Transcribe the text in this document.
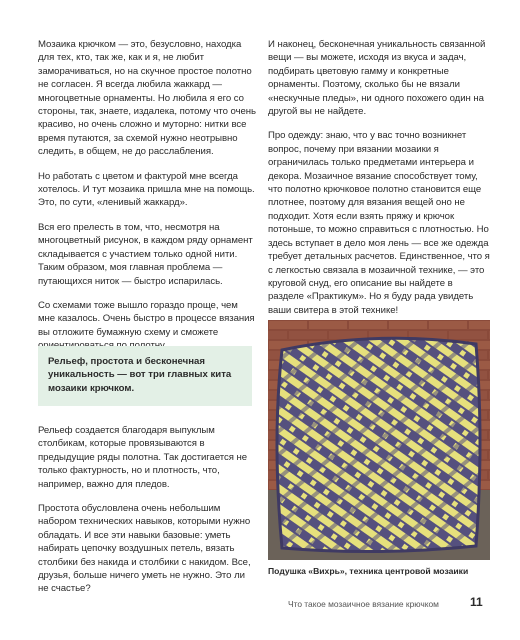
Мозаика крючком — это, безусловно, находка для тех, кто, так же, как и я, не любит заморачиваться, но на скучное простое полотно не согласен. Я всегда любила жаккард — многоцветные орнаменты. Но любила я его со стороны, так, знаете, издалека, потому что очень красиво, но очень сложно и муторно: нитки все время путаются, за схемой нужно неотрывно следить, в общем, не до расслабления.

Но работать с цветом и фактурой мне всегда хотелось. И тут мозаика пришла мне на помощь. Это, по сути, «ленивый жаккард».

Вся его прелесть в том, что, несмотря на многоцветный рисунок, в каждом ряду орнамент складывается с участием только одной нити. Таким образом, моя главная проблема — путающихся ниток — быстро испарилась.

Со схемами тоже вышло гораздо проще, чем мне казалось. Очень быстро в процессе вязания вы отложите бумажную схему и сможете

Рельеф, простота и бесконечная уникальность — вот три главных кита мозаики крючком.

Рельеф создается благодаря выпуклым столбикам, которые провязываются в предыдущие ряды полотна. Так достигается не только фактурность, но и плотность, что, например, важно для пледов.

Простота обусловлена очень небольшим набором технических навыков, которыми нужно обладать. И все эти навыки базовые: уметь набирать цепочку воздушных петель, вязать столбики без накида и столбики с накидом. Все, друзья, больше ничего уметь не нужно. Это ли не счастье?

И наконец, бесконечная уникальность связанной вещи — вы можете, исходя из вкуса и задач, подбирать цветовую гамму и конкретные орнаменты. Поэтому, сколько бы не вязали «нескучные пледы», ни одного похожего один на другой вы не найдете.

Про одежду: знаю, что у вас точно возникнет вопрос, почему при вязании мозаики я ограничилась только предметами интерьера и декора. Мозаичное вязание способствует тому, что полотно крючковое полотно становится еще плотнее, поэтому для вязания вещей оно не подходит. Хотя если взять пряжу и крючок потоньше, то можно справиться с плотностью. Но здесь вступает в дело моя лень — все же одежда требует детальных расчетов. Единственное, что я с легкостью связала в мозаичной технике, — это круговой снуд, его описание вы найдете в разделе «Практикум». Но я буду рада увидеть ваши свитера в этой технике!

Подушка «Вихрь», техника центровой мозаики
Что такое мозаичное вязание крючком	11
